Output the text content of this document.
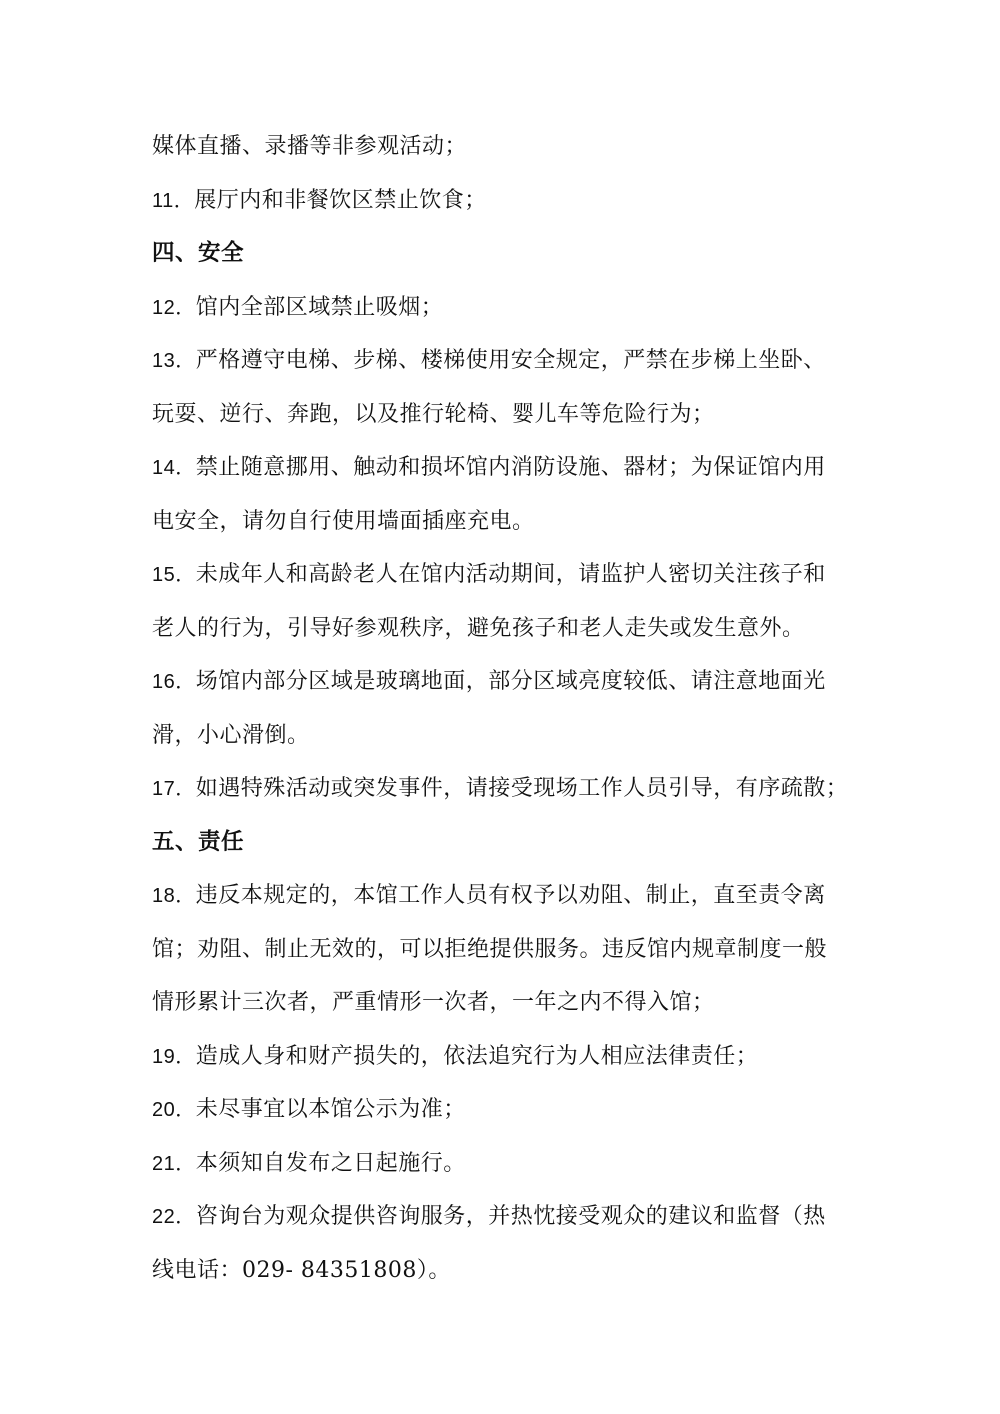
媒体直播、录播等非参观活动；
11．展厅内和非餐饮区禁止饮食；
四、安全
12．馆内全部区域禁止吸烟；
13．严格遵守电梯、步梯、楼梯使用安全规定，严禁在步梯上坐卧、
玩耍、逆行、奔跑，以及推行轮椅、婴儿车等危险行为；
14．禁止随意挪用、触动和损坏馆内消防设施、器材；为保证馆内用
电安全，请勿自行使用墙面插座充电。
15．未成年人和高龄老人在馆内活动期间，请监护人密切关注孩子和
老人的行为，引导好参观秩序，避免孩子和老人走失或发生意外。
16．场馆内部分区域是玻璃地面，部分区域亮度较低、请注意地面光
滑，小心滑倒。
17．如遇特殊活动或突发事件，请接受现场工作人员引导，有序疏散；
五、责任
18．违反本规定的，本馆工作人员有权予以劝阻、制止，直至责令离
馆；劝阻、制止无效的，可以拒绝提供服务。违反馆内规章制度一般
情形累计三次者，严重情形一次者，一年之内不得入馆；
19．造成人身和财产损失的，依法追究行为人相应法律责任；
20．未尽事宜以本馆公示为准；
21．本须知自发布之日起施行。
22．咨询台为观众提供咨询服务，并热忱接受观众的建议和监督（热
线电话：029- 84351808）。
